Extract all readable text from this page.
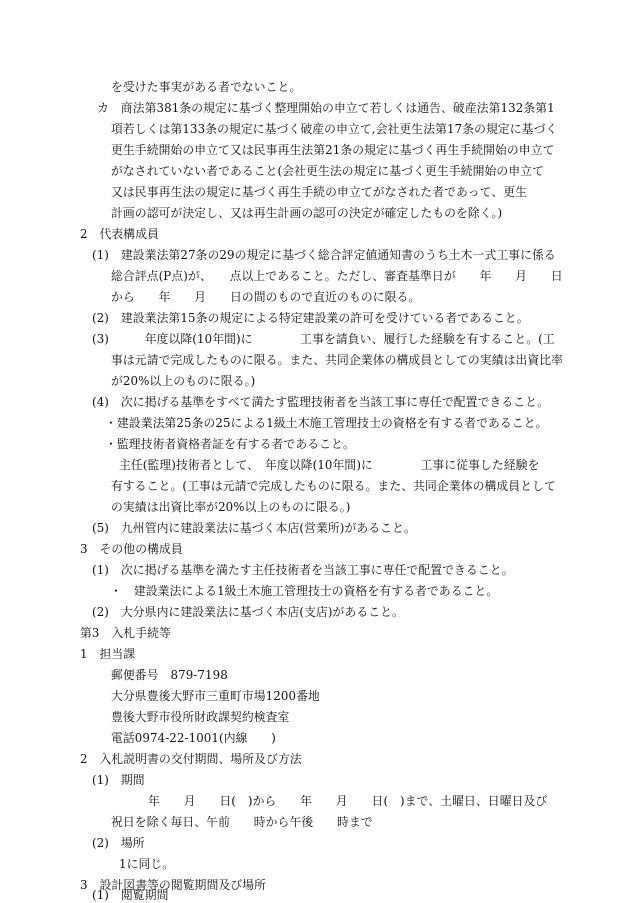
を受けた事実がある者でないこと。
カ　商法第381条の規定に基づく整理開始の申立て若しくは通告、破産法第132条第1
項若しくは第133条の規定に基づく破産の申立て,会社更生法第17条の規定に基づく
更生手続開始の申立て又は民事再生法第21条の規定に基づく再生手続開始の申立て
がなされていない者であること(会社更生法の規定に基づく更生手続開始の申立て
又は民事再生法の規定に基づく再生手続の申立てがなされた者であって、更生
計画の認可が決定し、又は再生計画の認可の決定が確定したものを除く。)
2　代表構成員
(1)　建設業法第27条の29の規定に基づく総合評定値通知書のうち土木一式工事に係る
総合評点(P点)が、　　点以上であること。ただし、審査基準日が　　年　　月　　日
から　　年　　月　　日の間のもので直近のものに限る。
(2)　建設業法第15条の規定による特定建設業の許可を受けている者であること。
(3)　　　年度以降(10年間)に　　　　工事を請負い、履行した経験を有すること。(工
事は元請で完成したものに限る。また、共同企業体の構成員としての実績は出資比率
が20%以上のものに限る。)
(4)　次に掲げる基準をすべて満たす監理技術者を当該工事に専任で配置できること。
・建設業法第25条の25による1級土木施工管理技士の資格を有する者であること。
・監理技術者資格者証を有する者であること。
主任(監理)技術者として、　年度以降(10年間)に　　　　工事に従事した経験を
有すること。(工事は元請で完成したものに限る。また、共同企業体の構成員として
の実績は出資比率が20%以上のものに限る。)
(5)　九州管内に建設業法に基づく本店(営業所)があること。
3　その他の構成員
(1)　次に掲げる基準を満たす主任技術者を当該工事に専任で配置できること。
・　建設業法による1級土木施工管理技士の資格を有する者であること。
(2)　大分県内に建設業法に基づく本店(支店)があること。
第3　入札手続等
1　担当課
郵便番号　879-7198
大分県豊後大野市三重町市場1200番地
豊後大野市役所財政課契約検査室
電話0974-22-1001(内線　　)
2　入札説明書の交付期間、場所及び方法
(1)　期間
年　　月　　日(　)から　　年　　月　　日(　)まで、土曜日、日曜日及び
祝日を除く毎日、午前　　時から午後　　時まで
(2)　場所
1に同じ。
3　設計図書等の閲覧期間及び場所
(1)　閲覧期間
